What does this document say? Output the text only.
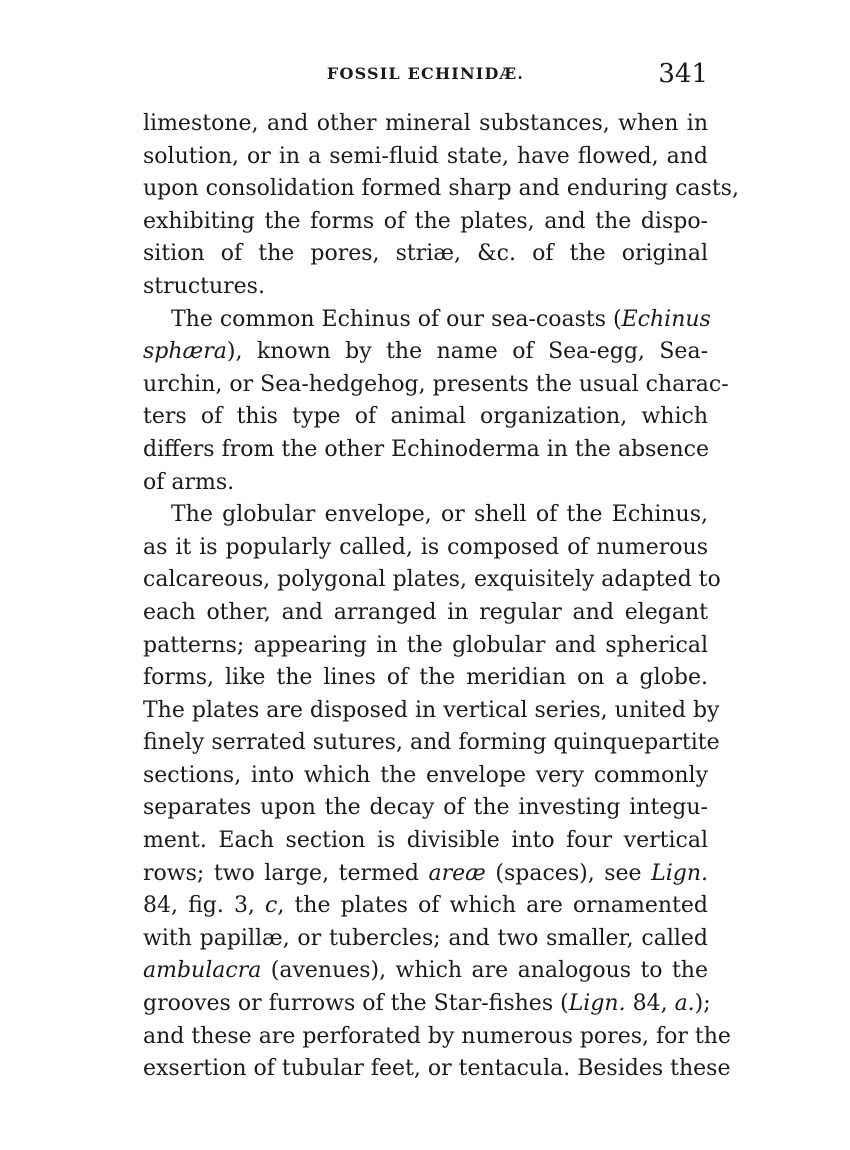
FOSSIL ECHINIDÆ.	341
limestone, and other mineral substances, when in
solution, or in a semi-fluid state, have flowed, and
upon consolidation formed sharp and enduring casts,
exhibiting the forms of the plates, and the dispo-
sition of the pores, striæ, &c. of the original
structures.
The common Echinus of our sea-coasts (Echinus
sphæra), known by the name of Sea-egg, Sea-
urchin, or Sea-hedgehog, presents the usual charac-
ters of this type of animal organization, which
differs from the other Echinoderma in the absence
of arms.
The globular envelope, or shell of the Echinus,
as it is popularly called, is composed of numerous
calcareous, polygonal plates, exquisitely adapted to
each other, and arranged in regular and elegant
patterns; appearing in the globular and spherical
forms, like the lines of the meridian on a globe.
The plates are disposed in vertical series, united by
finely serrated sutures, and forming quinquepartite
sections, into which the envelope very commonly
separates upon the decay of the investing integu-
ment. Each section is divisible into four vertical
rows; two large, termed areæ (spaces), see Lign.
84, fig. 3, c, the plates of which are ornamented
with papillæ, or tubercles; and two smaller, called
ambulacra (avenues), which are analogous to the
grooves or furrows of the Star-fishes (Lign. 84, a.);
and these are perforated by numerous pores, for the
exsertion of tubular feet, or tentacula. Besides these
